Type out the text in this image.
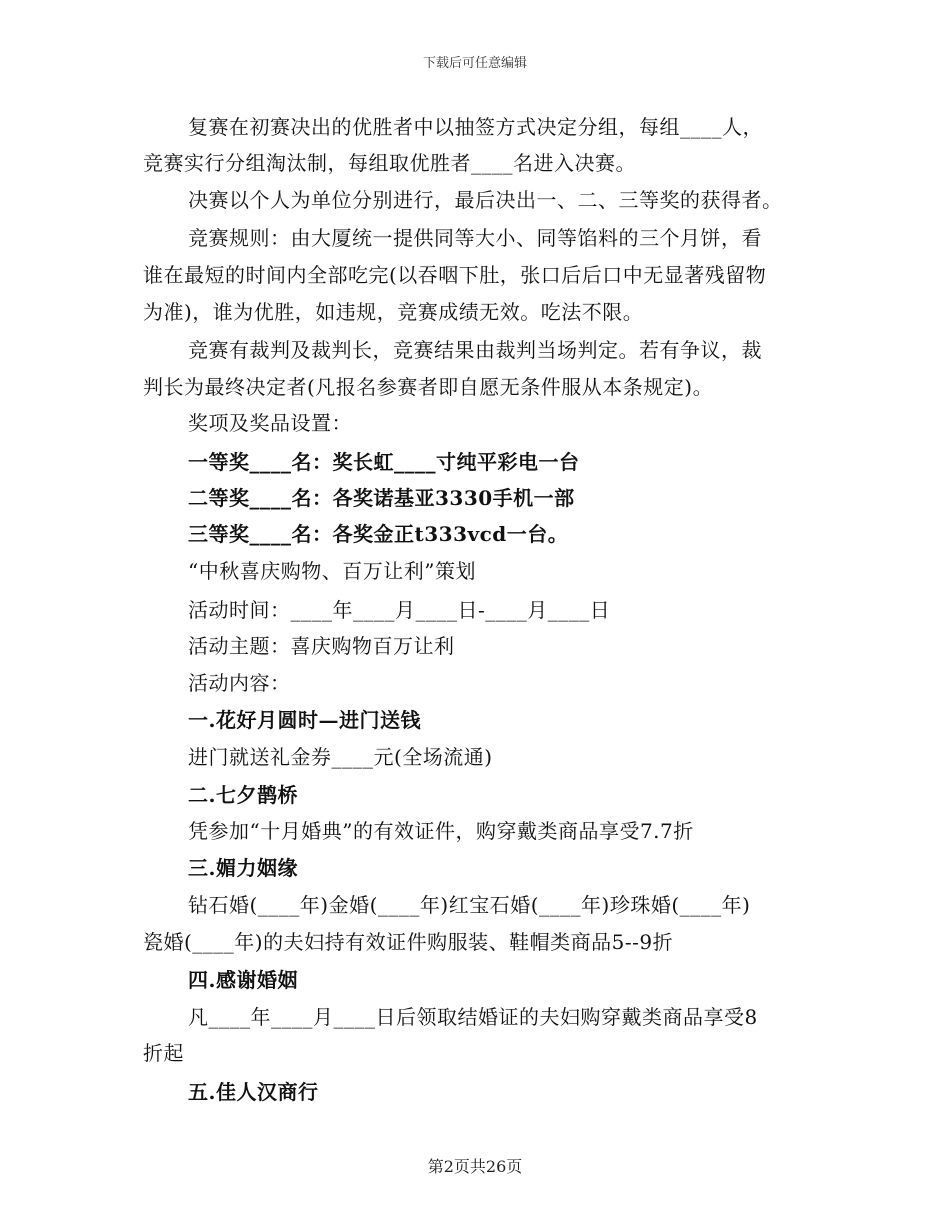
下载后可任意编辑
复赛在初赛决出的优胜者中以抽签方式决定分组，每组____人，
竞赛实行分组淘汰制，每组取优胜者____名进入决赛。
决赛以个人为单位分别进行，最后决出一、二、三等奖的获得者。
竞赛规则：由大厦统一提供同等大小、同等馅料的三个月饼，看
谁在最短的时间内全部吃完(以吞咽下肚，张口后后口中无显著残留物
为准)，谁为优胜，如违规，竞赛成绩无效。吃法不限。
竞赛有裁判及裁判长，竞赛结果由裁判当场判定。若有争议，裁
判长为最终决定者(凡报名参赛者即自愿无条件服从本条规定)。
奖项及奖品设置：
一等奖____名：奖长虹____寸纯平彩电一台
二等奖____名：各奖诺基亚3330手机一部
三等奖____名：各奖金正t333vcd一台。
“中秋喜庆购物、百万让利”策划
活动时间：____年____月____日-____月____日
活动主题：喜庆购物百万让利
活动内容：
一.花好月圆时—进门送钱
进门就送礼金券____元(全场流通)
二.七夕鹊桥
凭参加“十月婚典”的有效证件，购穿戴类商品享受7.7折
三.媚力姻缘
钻石婚(____年)金婚(____年)红宝石婚(____年)珍珠婚(____年)
瓷婚(____年)的夫妇持有效证件购服装、鞋帽类商品5--9折
四.感谢婚姻
凡____年____月____日后领取结婚证的夫妇购穿戴类商品享受8
折起
五.佳人汉商行
第2页共26页
